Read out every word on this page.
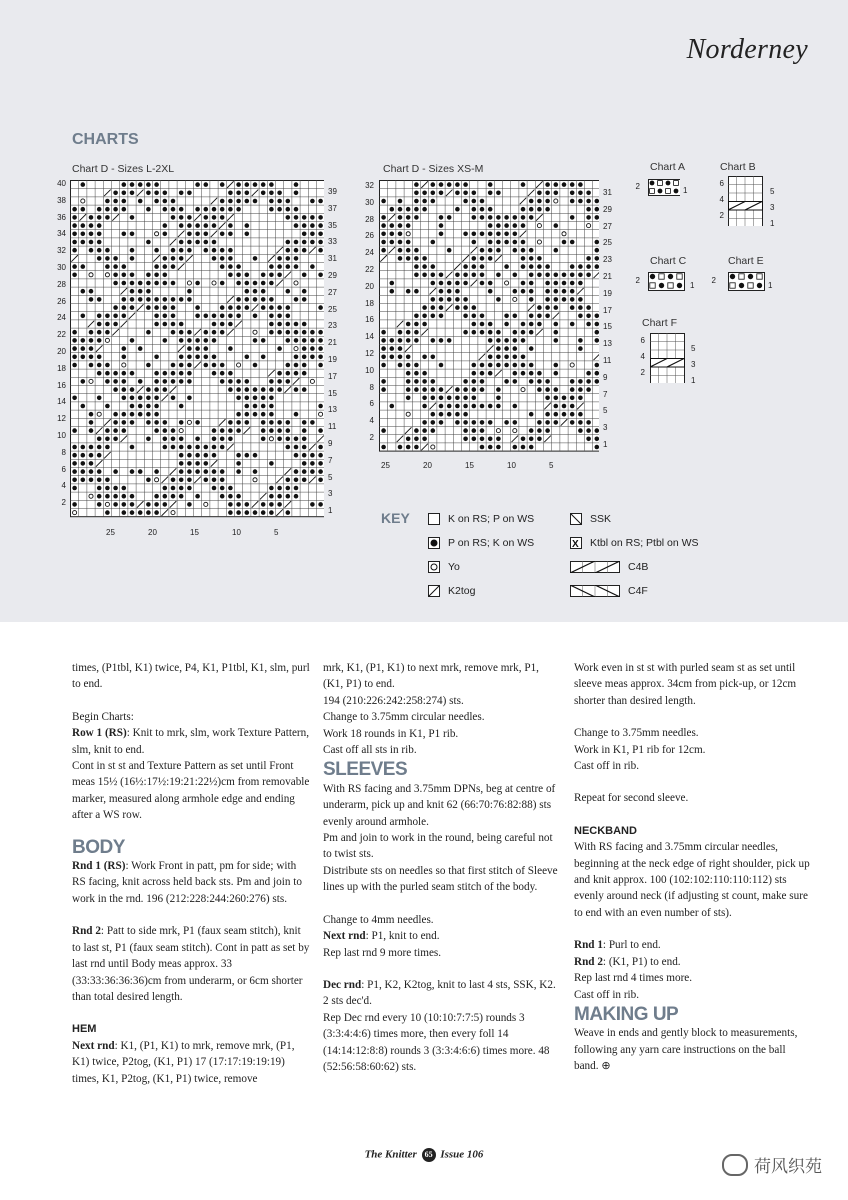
Norderney
CHARTS
Chart D - Sizes L-2XL
40
38
36
34
32
30
28
26
24
22
20
18
16
14
12
10
8
6
4
2
39
37
35
33
31
29
27
25
23
21
19
17
15
13
11
9
7
5
3
1
25	20	15	10	5
Chart D - Sizes XS-M
32
30
28
26
24
22
20
18
16
14
12
10
8
6
4
2
31
29
27
25
23
21
19
17
15
13
11
9
7
5
3
1
25	20	15	10	5
Chart A
2	1
Chart B
6
4
2
5
3
1
Chart C
2
1
Chart E
2
1
Chart F
6
4
2
5
3
1
KEY	K on RS; P on WS
P on RS; K on WS
Yo
K2tog
SSK
Χ Ktbl on RS; Ptbl on WS
C4B
C4F

times, (P1tbl, K1) twice, P4, K1, P1tbl, K1, slm, purl to end.

Begin Charts:
Row 1 (RS): Knit to mrk, slm, work Texture Pattern, slm, knit to end.

Cont in st st and Texture Pattern as set until Front meas 15½ (16½:17½:19:21:22½)cm from removable marker, measured along armhole edge and ending after a WS row.

BODY

Rnd 1 (RS): Work Front in patt, pm for side; with RS facing, knit across held back sts. Pm and join to work in the rnd. 196 (212:228:244:260:276) sts.

Rnd 2: Patt to side mrk, P1 (faux seam stitch), knit to last st, P1 (faux seam stitch). Cont in patt as set by last rnd until Body meas approx. 33 (33:33:36:36:36)cm from underarm, or 6cm shorter than total desired length.

HEM
Next rnd: K1, (P1, K1) to mrk, remove mrk, (P1, K1) twice, P2tog, (K1, P1) 17 (17:17:19:19:19) times, K1, P2tog, (K1, P1) twice, remove
mrk, K1, (P1, K1) to next mrk, remove mrk, P1, (K1, P1) to end.
194 (210:226:242:258:274) sts.
Change to 3.75mm circular needles.
Work 18 rounds in K1, P1 rib.
Cast off all sts in rib.
SLEEVES
With RS facing and 3.75mm DPNs, beg at centre of underarm, pick up and knit 62 (66:70:76:82:88) sts evenly around armhole.
Pm and join to work in the round, being careful not to twist sts.

Distribute sts on needles so that first stitch of Sleeve lines up with the purled seam stitch of the body.

Change to 4mm needles.
Next rnd: P1, knit to end.

Rep last rnd 9 more times.

Dec rnd: P1, K2, K2tog, knit to last 4 sts, SSK, K2. 2 sts dec'd.
Rep Dec rnd every 10 (10:10:7:7:5) rounds 3 (3:3:4:4:6) times more, then every foll 14 (14:14:12:8:8) rounds 3 (3:3:4:6:6) times more. 48 (52:56:58:60:62) sts.

Work even in st st with purled seam st as set until sleeve meas approx. 34cm from pick-up, or 12cm shorter than desired length.

Change to 3.75mm needles.
Work in K1, P1 rib for 12cm.

Cast off in rib.

Repeat for second sleeve.

NECKBAND

With RS facing and 3.75mm circular needles, beginning at the neck edge of right shoulder, pick up and knit approx. 100 (102:102:110:110:112) sts evenly around neck (if adjusting st count, make sure to end with an even number of sts).

Rnd 1: Purl to end.
Rnd 2: (K1, P1) to end.
Rep last rnd 4 times more.
Cast off in rib.
MAKING UP
Weave in ends and gently block to measurements, following any yarn care instructions on the ball band. ⊕
The Knitter 65 Issue 106
荷风织苑
